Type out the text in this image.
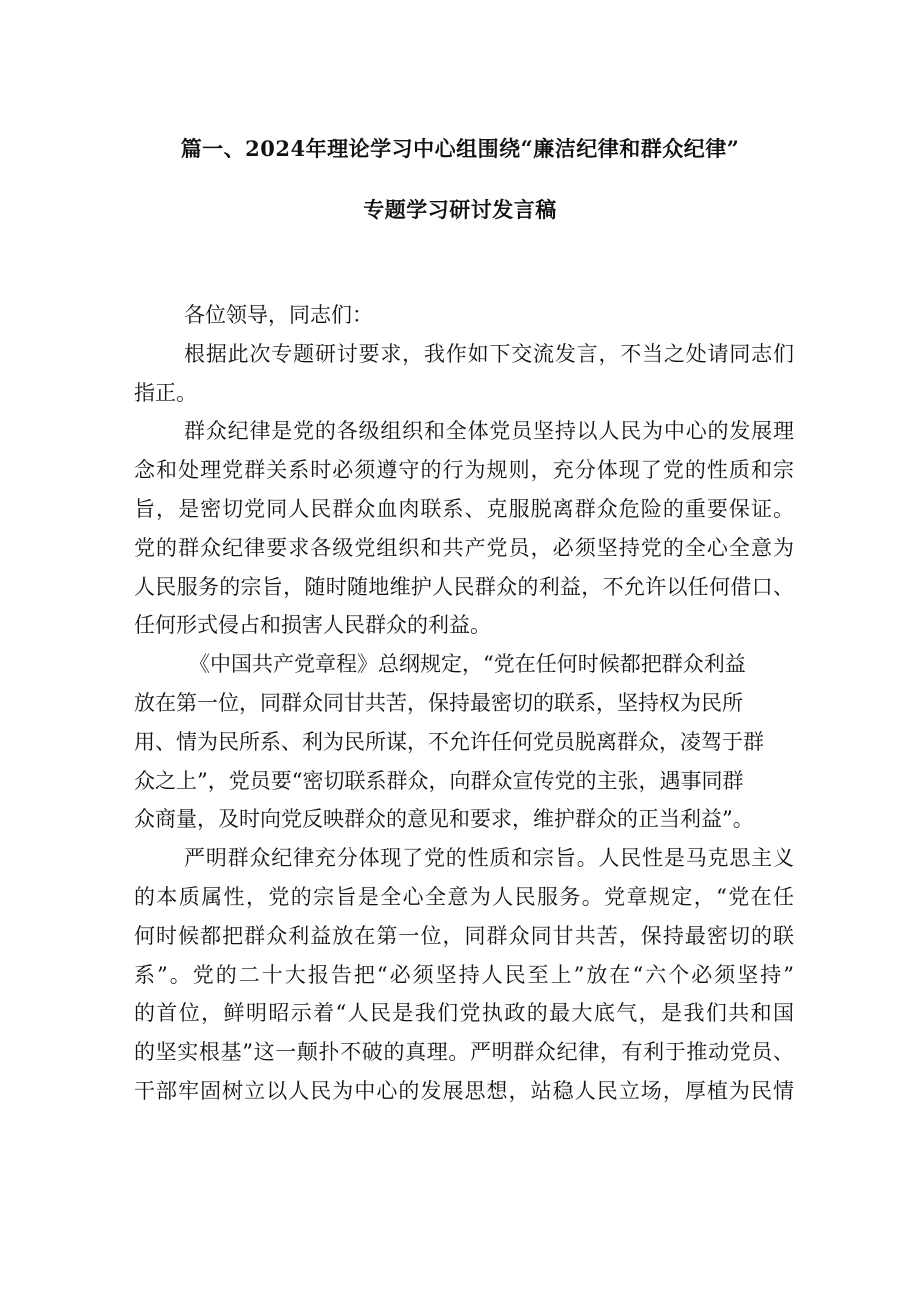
篇一、2024年理论学习中心组围绕“廉洁纪律和群众纪律”
专题学习研讨发言稿
各位领导，同志们：
根据此次专题研讨要求，我作如下交流发言，不当之处请同志们
指正。
群众纪律是党的各级组织和全体党员坚持以人民为中心的发展理
念和处理党群关系时必须遵守的行为规则，充分体现了党的性质和宗
旨，是密切党同人民群众血肉联系、克服脱离群众危险的重要保证。
党的群众纪律要求各级党组织和共产党员，必须坚持党的全心全意为
人民服务的宗旨，随时随地维护人民群众的利益，不允许以任何借口、
任何形式侵占和损害人民群众的利益。
《中国共产党章程》总纲规定，“党在任何时候都把群众利益
放在第一位，同群众同甘共苦，保持最密切的联系，坚持权为民所
用、情为民所系、利为民所谋，不允许任何党员脱离群众，凌驾于群
众之上”，党员要“密切联系群众，向群众宣传党的主张，遇事同群
众商量，及时向党反映群众的意见和要求，维护群众的正当利益”。
严明群众纪律充分体现了党的性质和宗旨。人民性是马克思主义
的本质属性，党的宗旨是全心全意为人民服务。党章规定，“党在任
何时候都把群众利益放在第一位，同群众同甘共苦，保持最密切的联
系”。党的二十大报告把“必须坚持人民至上”放在“六个必须坚持”
的首位，鲜明昭示着“人民是我们党执政的最大底气，是我们共和国
的坚实根基”这一颠扑不破的真理。严明群众纪律，有利于推动党员、
干部牢固树立以人民为中心的发展思想，站稳人民立场，厚植为民情
